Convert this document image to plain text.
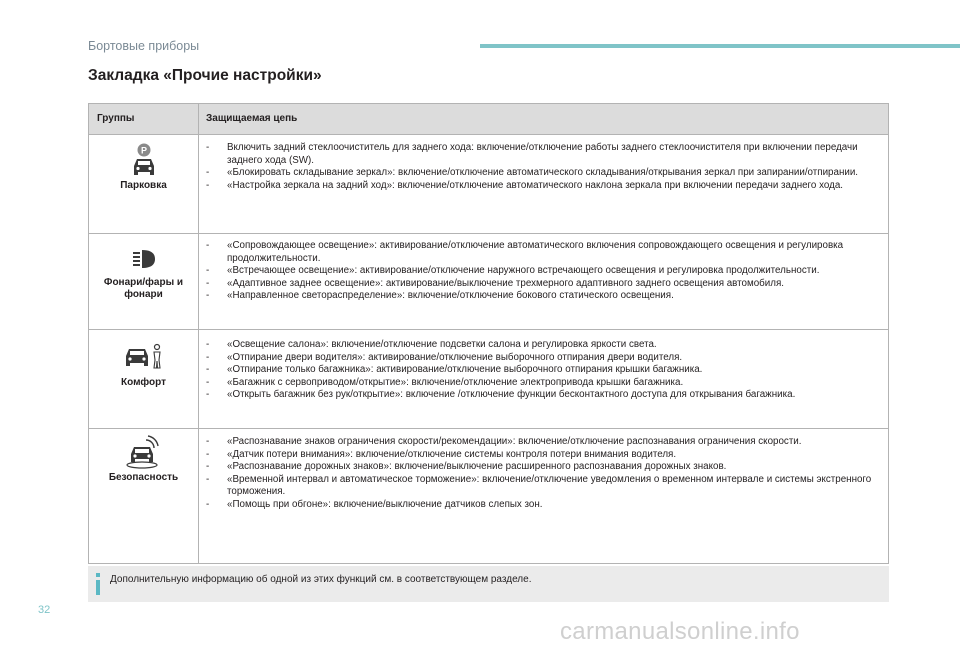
Бортовые приборы
Закладка «Прочие настройки»
Группы	Защищаемая цепь
P
Парковка
- Включить задний стеклоочиститель для заднего хода: включение/отключение работы заднего стеклоочистителя при включении передачи заднего хода (SW).
- «Блокировать складывание зеркал»: включение/отключение автоматического складывания/открывания зеркал при запирании/отпирании.
- «Настройка зеркала на задний ход»: включение/отключение автоматического наклона зеркала при включении передачи заднего хода.
Фонари/фары и фонари
- «Сопровождающее освещение»: активирование/отключение автоматического включения сопровождающего освещения и регулировка продолжительности.
- «Встречающее освещение»: активирование/отключение наружного встречающего освещения и регулировка продолжительности.
- «Адаптивное заднее освещение»: активирование/выключение трехмерного адаптивного заднего освещения автомобиля.
- «Направленное светораспределение»: включение/отключение бокового статического освещения.
Комфорт
- «Освещение салона»: включение/отключение подсветки салона и регулировка яркости света.
- «Отпирание двери водителя»: активирование/отключение выборочного отпирания двери водителя.
- «Отпирание только багажника»: активирование/отключение выборочного отпирания крышки багажника.
- «Багажник с сервоприводом/открытие»: включение/отключение электропривода крышки багажника.
- «Открыть багажник без рук/открытие»: включение /отключение функции бесконтактного доступа для открывания багажника.
Безопасность
- «Распознавание знаков ограничения скорости/рекомендации»: включение/отключение распознавания ограничения скорости.
- «Датчик потери внимания»: включение/отключение системы контроля потери внимания водителя.
- «Распознавание дорожных знаков»: включение/выключение расширенного распознавания дорожных знаков.
- «Временной интервал и автоматическое торможение»: включение/отключение уведомления о временном интервале и системы экстренного торможения.
- «Помощь при обгоне»: включение/выключение датчиков слепых зон.
Дополнительную информацию об одной из этих функций см. в соответствующем разделе.
32
carmanualsonline.info
